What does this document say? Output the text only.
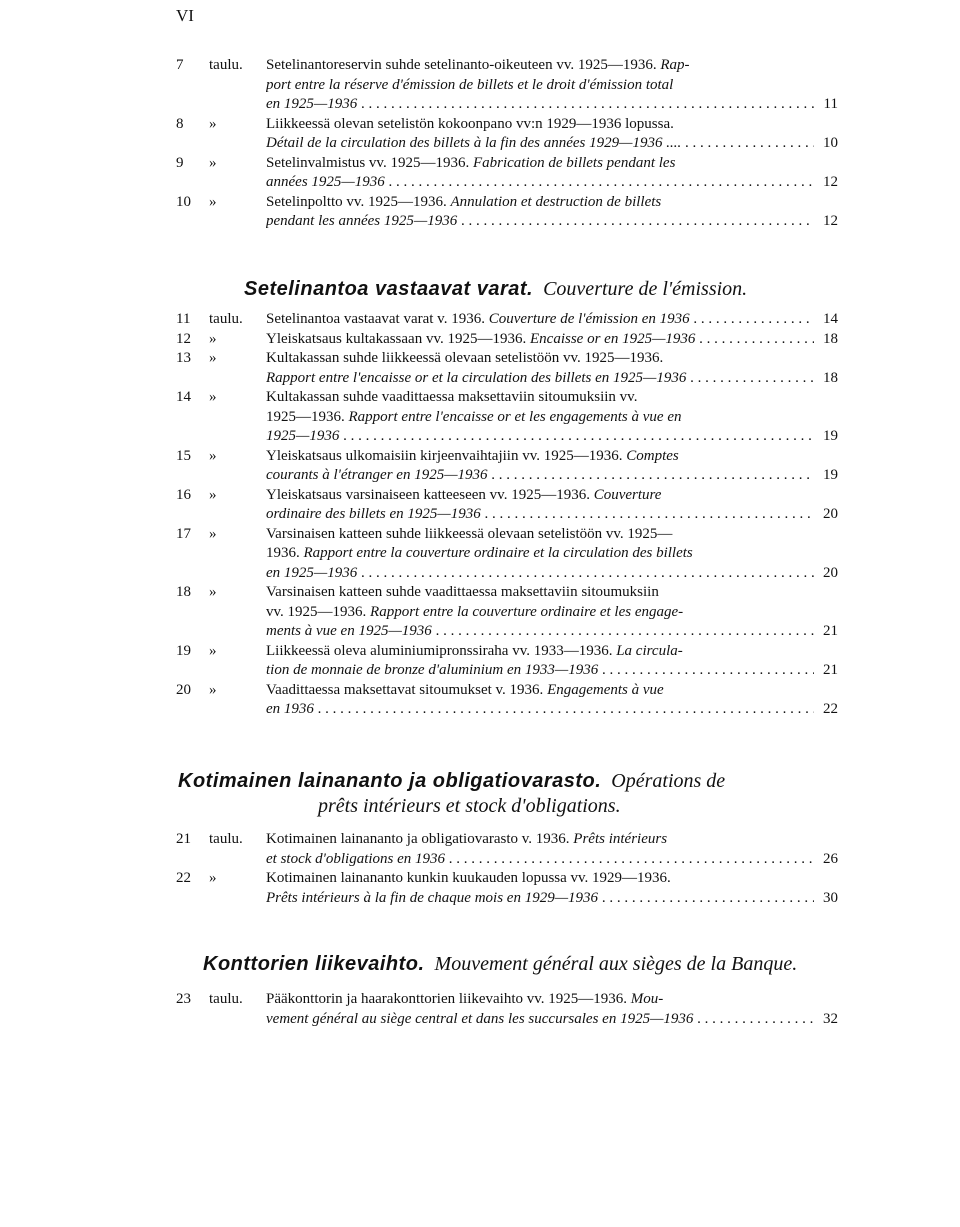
VI
7 taulu. Setelinantoreservin suhde setelinanto-oikeuteen vv. 1925—1936. Rap-
port entre la réserve d'émission de billets et le droit d'émission total
en 1925—1936 . . .	11
8 »	Liikkeessä olevan setelistön kokoonpano vv:n 1929—1936 lopussa.
Détail de la circulation des billets à la fin des années 1929—1936 .... . . .	10
9 »	Setelinvalmistus vv. 1925—1936. Fabrication de billets pendant les
années 1925—1936 . . .	12
10 »	Setelinpoltto vv. 1925—1936. Annulation et destruction de billets
pendant les années 1925—1936 . . .	12
Setelinantoa vastaavat varat. Couverture de l'émission.
11 taulu. Setelinantoa vastaavat varat v. 1936. Couverture de l'émission en 1936 . . .	14
12 »	Yleiskatsaus kultakassaan vv. 1925—1936. Encaisse or en 1925—1936 . . .	18
13 »	Kultakassan suhde liikkeessä olevaan setelistöön vv. 1925—1936.
Rapport entre l'encaisse or et la circulation des billets en 1925—1936 . . .	18
14 »	Kultakassan suhde vaadittaessa maksettaviin sitoumuksiin vv.
1925—1936. Rapport entre l'encaisse or et les engagements à vue en
1925—1936 . . .	19
15 »	Yleiskatsaus ulkomaisiin kirjeenvaihtajiin vv. 1925—1936. Comptes
courants à l'étranger en 1925—1936 . . .	19
16 »	Yleiskatsaus varsinaiseen katteeseen vv. 1925—1936. Couverture
ordinaire des billets en 1925—1936 . . .	20
17 »	Varsinaisen katteen suhde liikkeessä olevaan setelistöön vv. 1925—
1936. Rapport entre la couverture ordinaire et la circulation des billets
en 1925—1936 . . .	20
18 »	Varsinaisen katteen suhde vaadittaessa maksettaviin sitoumuksiin
vv. 1925—1936. Rapport entre la couverture ordinaire et les engage-
ments à vue en 1925—1936 . . .	21
19 »	Liikkeessä oleva aluminiumipronssiraha vv. 1933—1936. La circula-
tion de monnaie de bronze d'aluminium en 1933—1936 . . .	21
20 »	Vaadittaessa maksettavat sitoumukset v. 1936. Engagements à vue
en 1936 . . .	22
Kotimainen lainananto ja obligatiovarasto. Opérations de
prêts intérieurs et stock d'obligations.
21 taulu. Kotimainen lainananto ja obligatiovarasto v. 1936. Prêts intérieurs
et stock d'obligations en 1936 . . .	26
22 »	Kotimainen lainananto kunkin kuukauden lopussa vv. 1929—1936.
Prêts intérieurs à la fin de chaque mois en 1929—1936 . . .	30
Konttorien liikevaihto. Mouvement général aux sièges de la Banque.
23 taulu. Pääkonttorin ja haarakonttorien liikevaihto vv. 1925—1936. Mou-
vement général au siège central et dans les succursales en 1925—1936 . . .	32
